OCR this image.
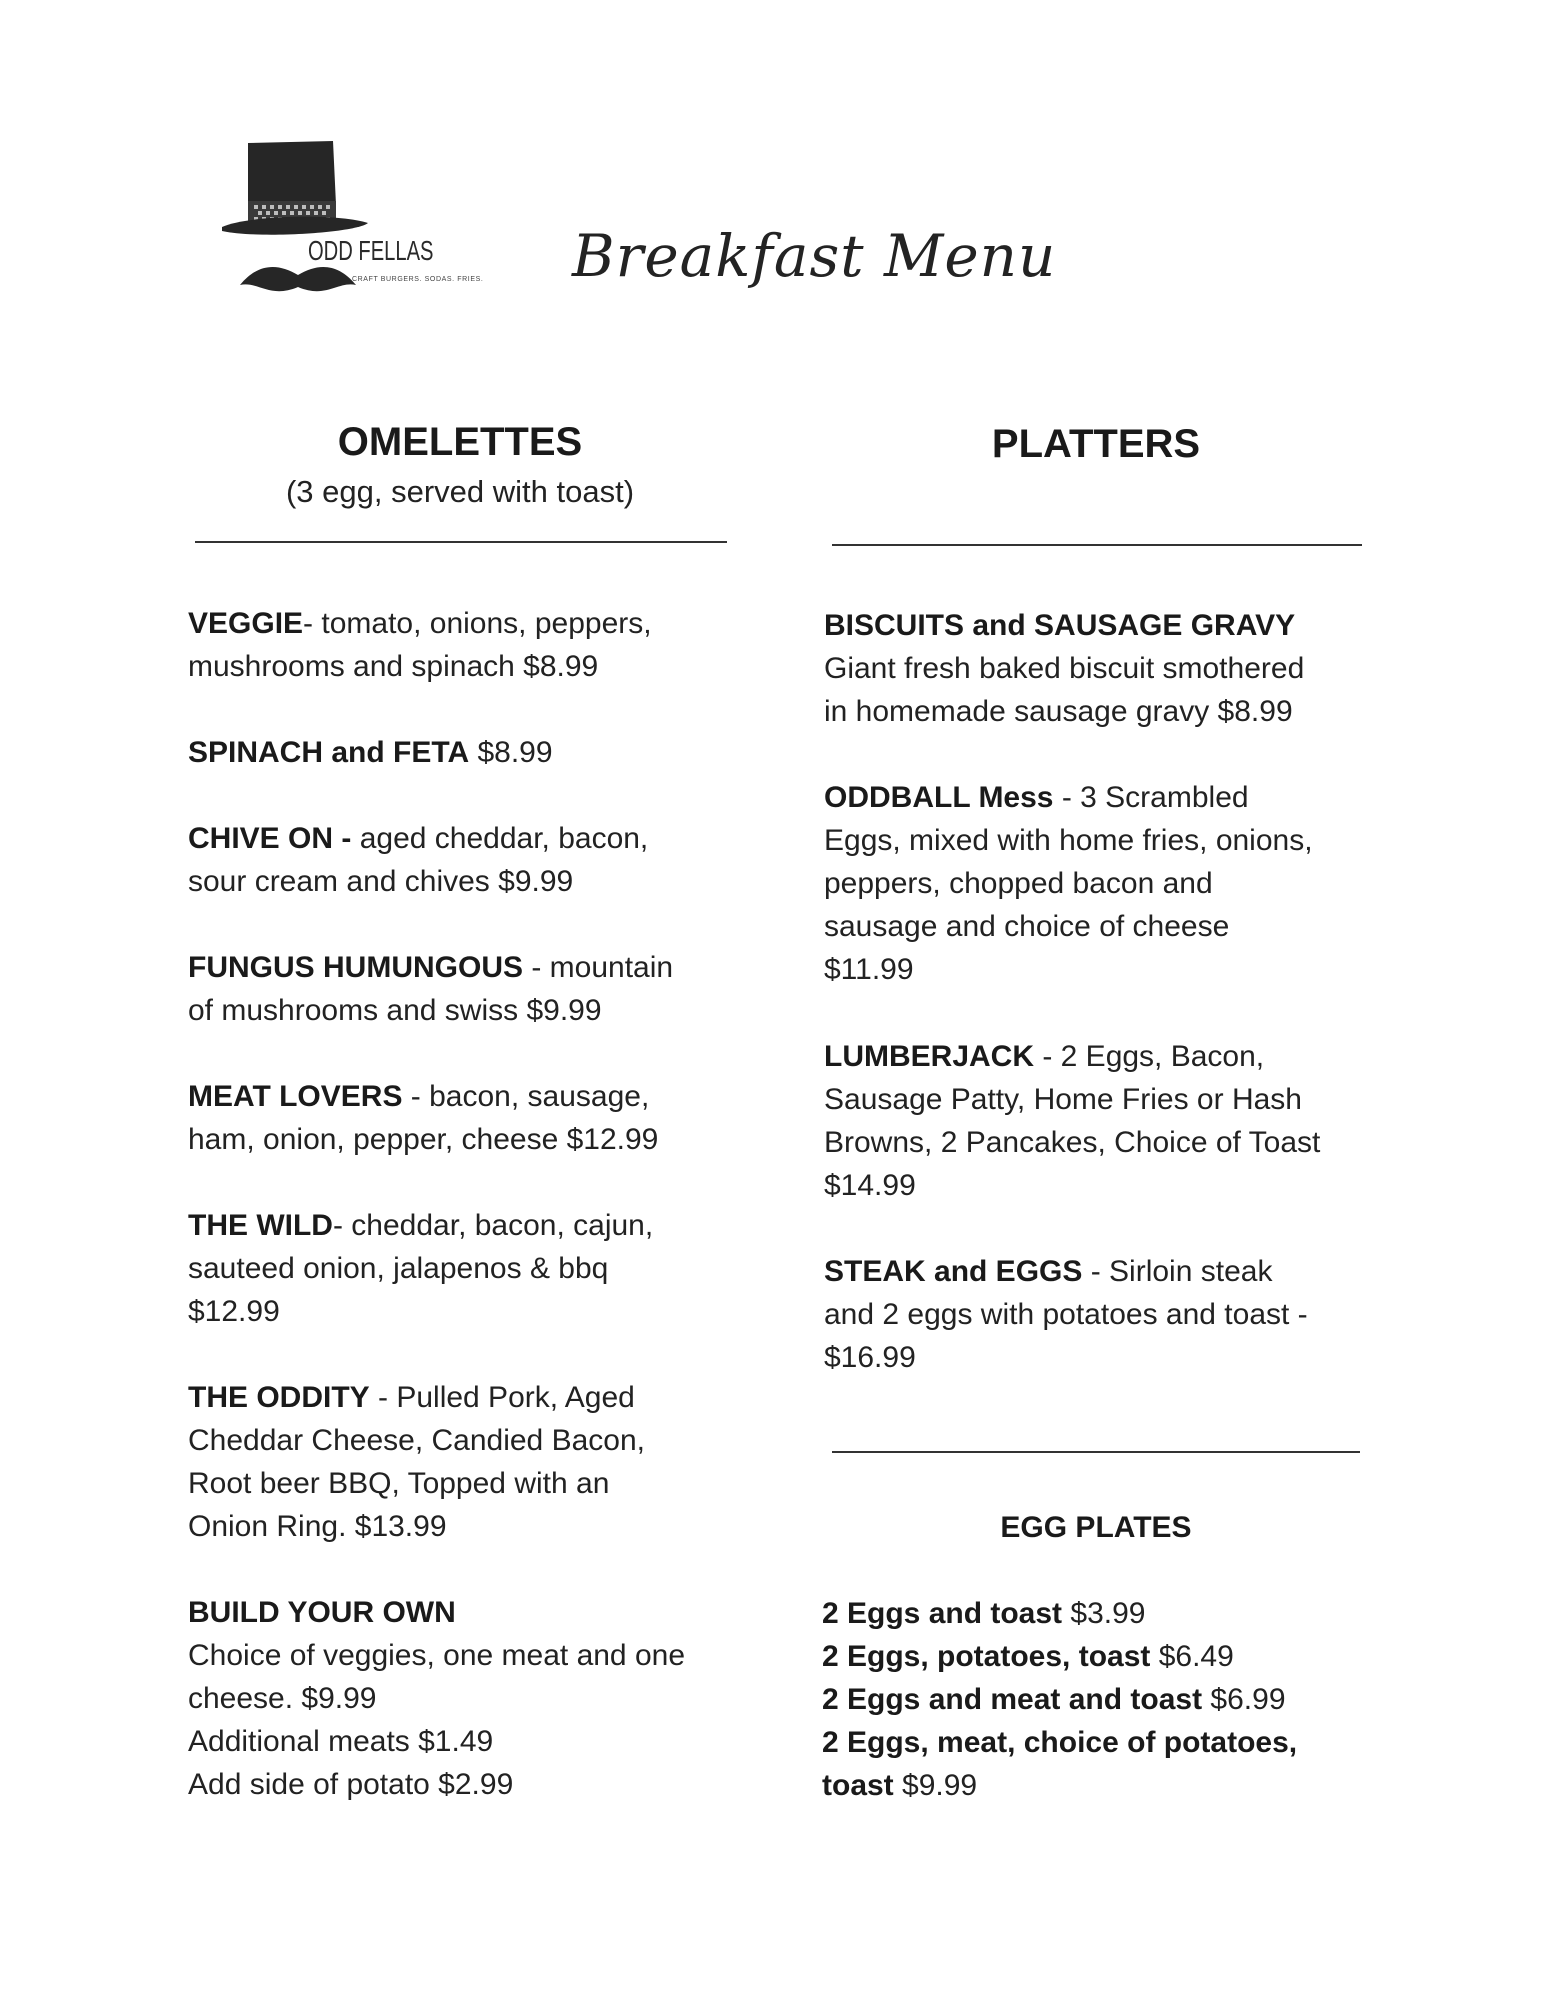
ODD FELLAS
CRAFT BURGERS. SODAS. FRIES. Breakfast Menu
OMELETTES
(3 egg, served with toast)
VEGGIE- tomato, onions, peppers,
mushrooms and spinach $8.99
SPINACH and FETA $8.99
CHIVE ON - aged cheddar, bacon,
sour cream and chives $9.99
FUNGUS HUMUNGOUS - mountain
of mushrooms and swiss $9.99
MEAT LOVERS - bacon, sausage,
ham, onion, pepper, cheese $12.99
THE WILD- cheddar, bacon, cajun,
sauteed onion, jalapenos & bbq
$12.99
THE ODDITY - Pulled Pork, Aged
Cheddar Cheese, Candied Bacon,
Root beer BBQ, Topped with an
Onion Ring. $13.99
BUILD YOUR OWN
Choice of veggies, one meat and one
cheese. $9.99
Additional meats $1.49
Add side of potato $2.99
PLATTERS
BISCUITS and SAUSAGE GRAVY
Giant fresh baked biscuit smothered
in homemade sausage gravy $8.99
ODDBALL Mess - 3 Scrambled
Eggs, mixed with home fries, onions,
peppers, chopped bacon and
sausage and choice of cheese
$11.99
LUMBERJACK - 2 Eggs, Bacon,
Sausage Patty, Home Fries or Hash
Browns, 2 Pancakes, Choice of Toast
$14.99
STEAK and EGGS - Sirloin steak
and 2 eggs with potatoes and toast -
$16.99
EGG PLATES
2 Eggs and toast $3.99
2 Eggs, potatoes, toast $6.49
2 Eggs and meat and toast $6.99
2 Eggs, meat, choice of potatoes,
toast $9.99
